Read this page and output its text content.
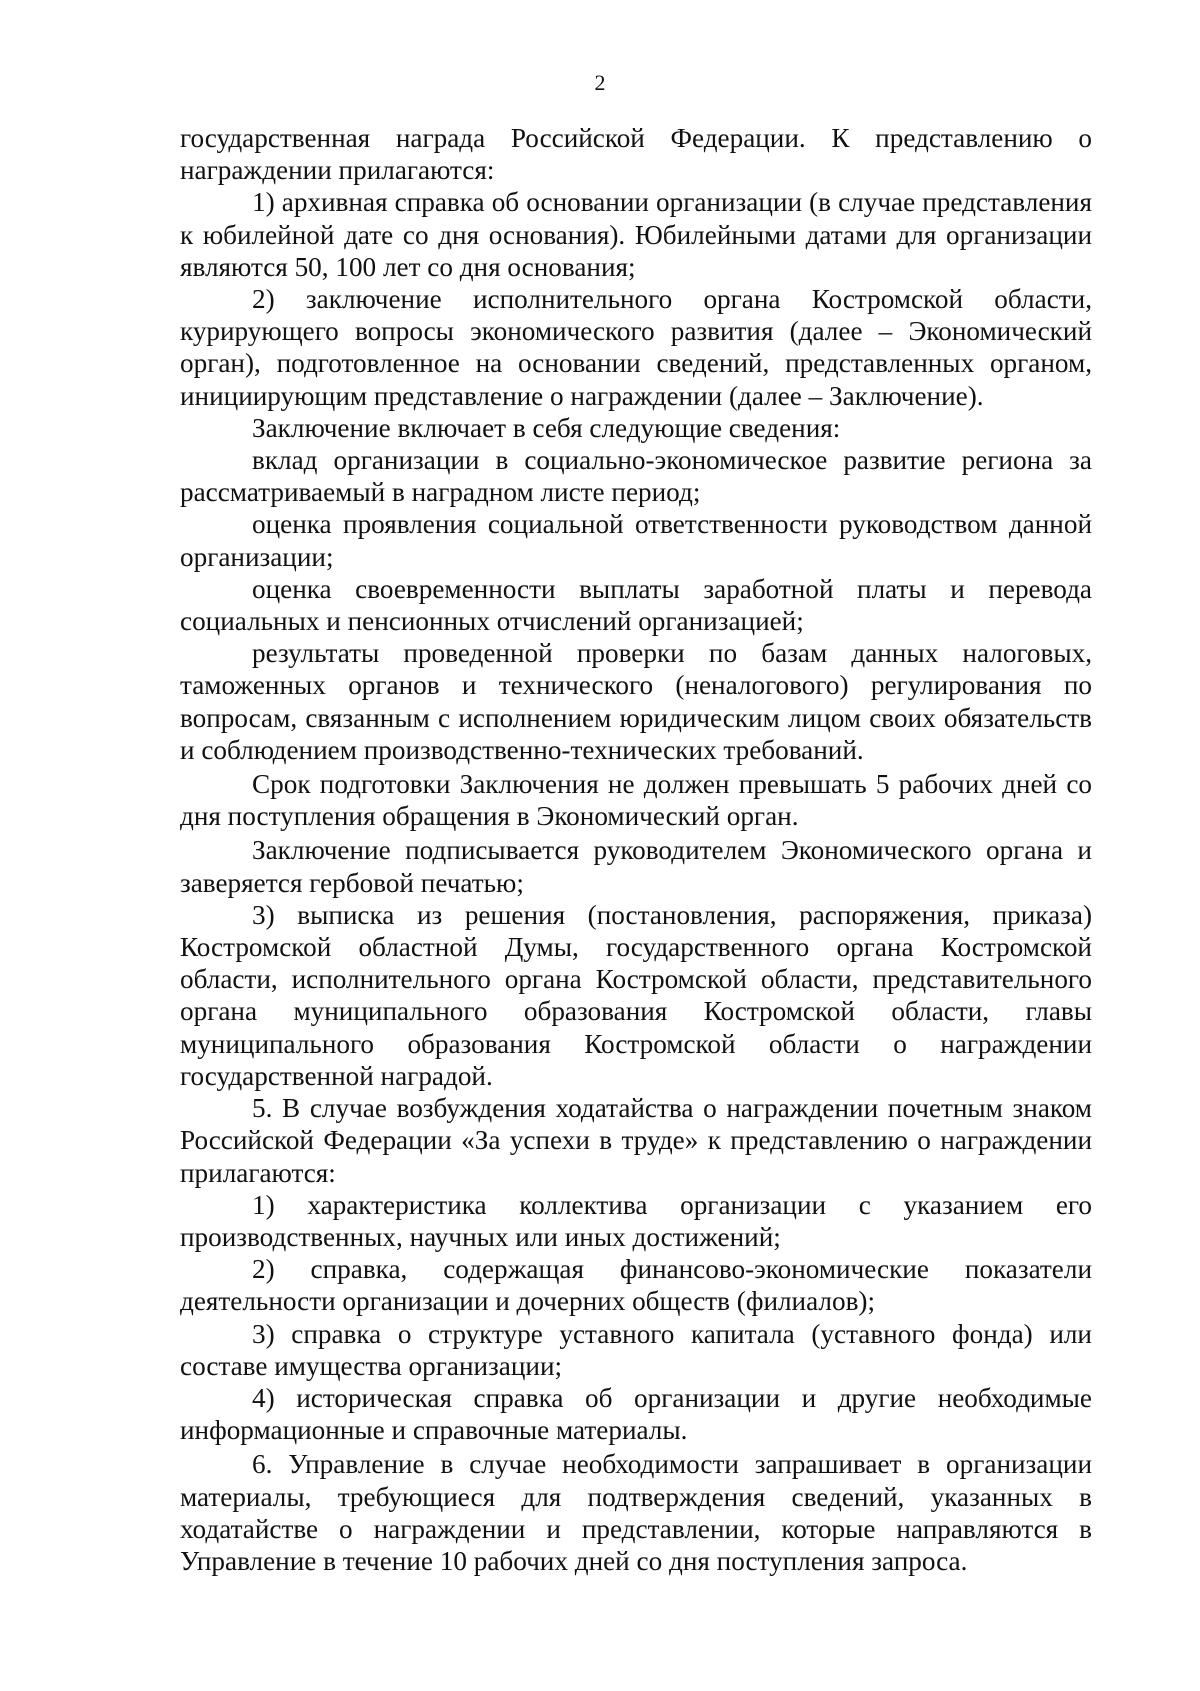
2

государственная награда Российской Федерации. К представлению о награждении прилагаются:

1) архивная справка об основании организации (в случае представления к юбилейной дате со дня основания). Юбилейными датами для организации являются 50, 100 лет со дня основания;

2) заключение исполнительного органа Костромской области, курирующего вопросы экономического развития (далее – Экономический орган), подготовленное на основании сведений, представленных органом, инициирующим представление о награждении (далее – Заключение).

Заключение включает в себя следующие сведения:

вклад организации в социально-экономическое развитие региона за рассматриваемый в наградном листе период;

оценка проявления социальной ответственности руководством данной организации;

оценка своевременности выплаты заработной платы и перевода социальных и пенсионных отчислений организацией;

результаты проведенной проверки по базам данных налоговых, таможенных органов и технического (неналогового) регулирования по вопросам, связанным с исполнением юридическим лицом своих обязательств и соблюдением производственно-технических требований.

Срок подготовки Заключения не должен превышать 5 рабочих дней со дня поступления обращения в Экономический орган.

Заключение подписывается руководителем Экономического органа и заверяется гербовой печатью;

3) выписка из решения (постановления, распоряжения, приказа) Костромской областной Думы, государственного органа Костромской области, исполнительного органа Костромской области, представительного органа муниципального образования Костромской области, главы муниципального образования Костромской области о награждении государственной наградой.

5. В случае возбуждения ходатайства о награждении почетным знаком Российской Федерации «За успехи в труде» к представлению о награждении прилагаются:

1) характеристика коллектива организации с указанием его производственных, научных или иных достижений;

2) справка, содержащая финансово-экономические показатели деятельности организации и дочерних обществ (филиалов);

3) справка о структуре уставного капитала (уставного фонда) или составе имущества организации;

4) историческая справка об организации и другие необходимые информационные и справочные материалы.

6. Управление в случае необходимости запрашивает в организации материалы, требующиеся для подтверждения сведений, указанных в ходатайстве о награждении и представлении, которые направляются в Управление в течение 10 рабочих дней со дня поступления запроса.
